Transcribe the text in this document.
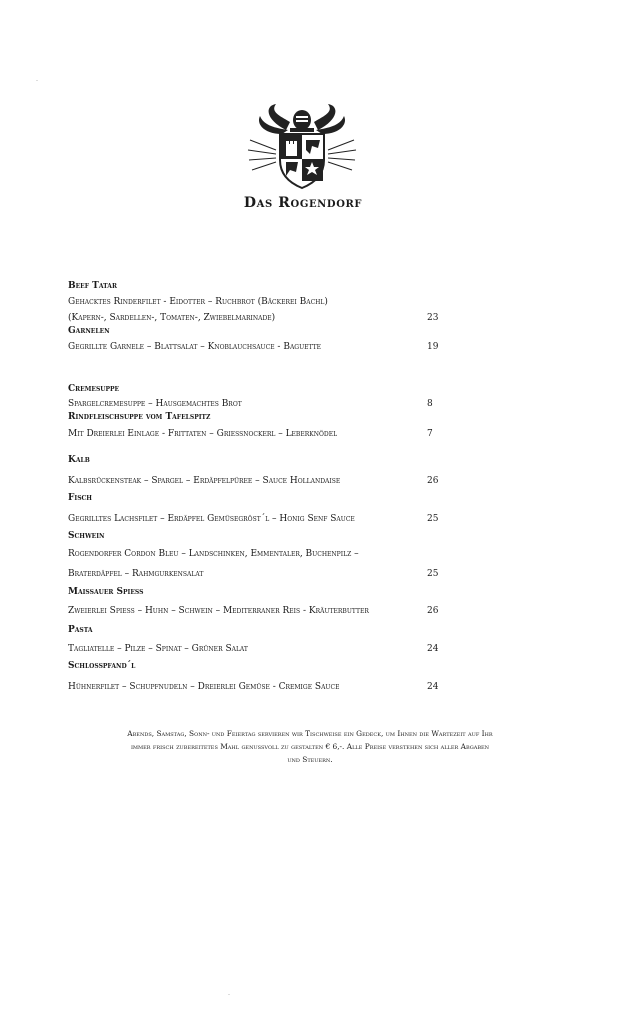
Das Rogendorf
Beef Tatar
Gehacktes Rinderfilet - Eidotter – Ruchbrot (Bäckerei Bachl)
(Kapern-, Sardellen-, Tomaten-, Zwiebelmarinade)	23
Garnelen
Gegrillte Garnele – Blattsalat – Knoblauchsauce - Baguette	19
Cremesuppe
Spargelcremesuppe – Hausgemachtes Brot	8
Rindfleischsuppe vom Tafelspitz
Mit Dreierlei Einlage - Frittaten – Griessnockerl – Leberknödel	7
Kalb
Kalbsrückensteak – Spargel – Erdäpfelpüree – Sauce Hollandaise	26
Fisch
Gegrilltes Lachsfilet – Erdäpfel Gemüsegröst´l – Honig Senf Sauce	25
Schwein
Rogendorfer Cordon Bleu – Landschinken, Emmentaler, Buchenpilz –
Braterdäpfel – Rahmgurkensalat	25
Maissauer Spiess
Zweierlei Spiess – Huhn – Schwein – Mediterraner Reis - Kräuterbutter	26
Pasta
Tagliatelle – Pilze – Spinat – Grüner Salat	24
Schlosspfand´l
Hühnerfilet – Schupfnudeln – Dreierlei Gemüse - Cremige Sauce	24
Abends, Samstag, Sonn- und Feiertag servieren wir Tischweise ein Gedeck, um Ihnen die Wartezeit auf Ihr
immer frisch zubereitetes Mahl genussvoll zu gestalten € 6,-. Alle Preise verstehen sich aller Abgaben
und Steuern.
